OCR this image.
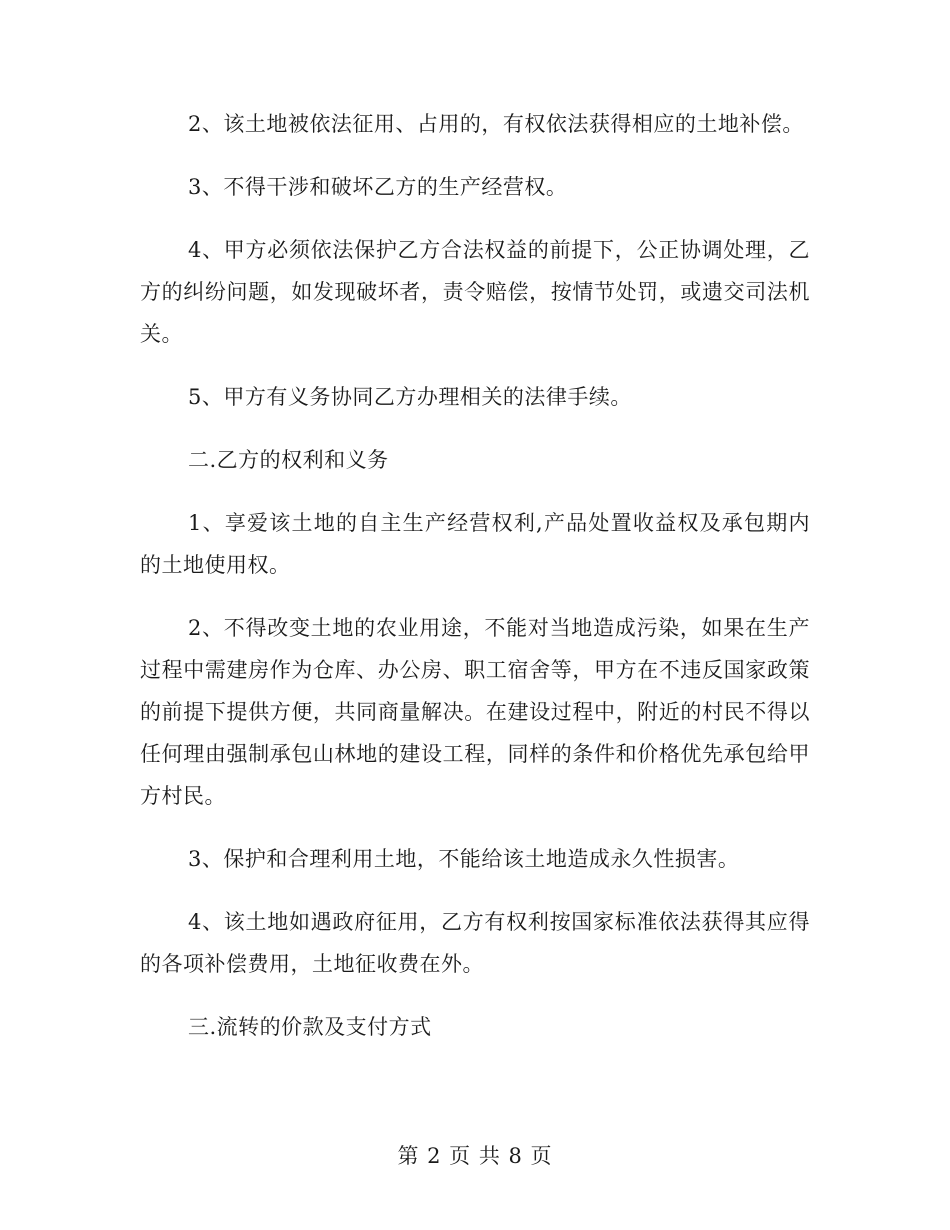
2、该土地被依法征用、占用的，有权依法获得相应的土地补偿。

3、不得干涉和破坏乙方的生产经营权。

4、甲方必须依法保护乙方合法权益的前提下，公正协调处理，乙方的纠纷问题，如发现破坏者，责令赔偿，按情节处罚，或遗交司法机关。

5、甲方有义务协同乙方办理相关的法律手续。

二.乙方的权利和义务

1、享爱该土地的自主生产经营权利,产品处置收益权及承包期内的土地使用权。

2、不得改变土地的农业用途，不能对当地造成污染，如果在生产过程中需建房作为仓库、办公房、职工宿舍等，甲方在不违反国家政策的前提下提供方便，共同商量解决。在建设过程中，附近的村民不得以任何理由强制承包山林地的建设工程，同样的条件和价格优先承包给甲方村民。

3、保护和合理利用土地，不能给该土地造成永久性损害。

4、该土地如遇政府征用，乙方有权利按国家标准依法获得其应得的各项补偿费用，土地征收费在外。

三.流转的价款及支付方式

第 2 页 共 8 页
